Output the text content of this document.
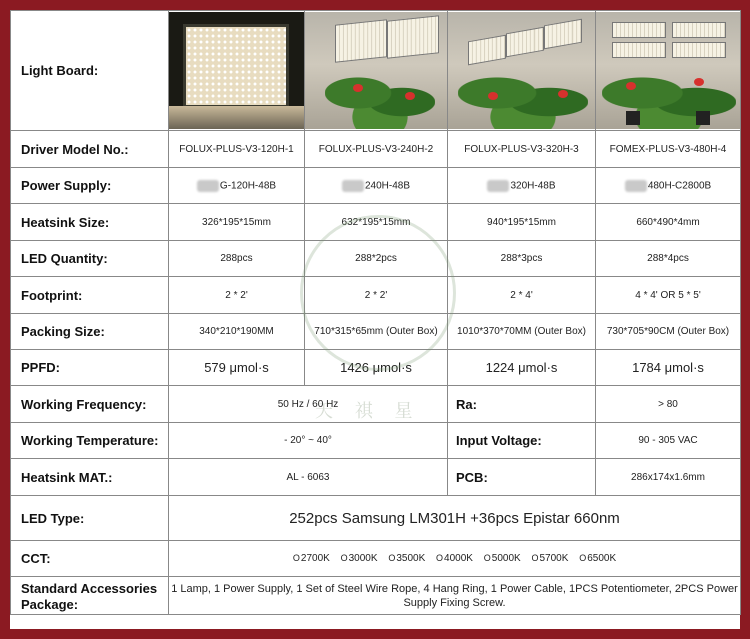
Light Board:	

Driver Model No.:	FOLUX-PLUS-V3-120H-1	FOLUX-PLUS-V3-240H-2	FOLUX-PLUS-V3-320H-3	FOMEX-PLUS-V3-480H-4
Power Supply:	G-120H-48B	240H-48B	320H-48B	480H-C2800B
Heatsink Size:	326*195*15mm	632*195*15mm	940*195*15mm	660*490*4mm
LED Quantity:	288pcs	288*2pcs	288*3pcs	288*4pcs
Footprint:	2 * 2'	2 * 2'	2 * 4'	4 * 4' OR 5 * 5'
Packing Size:	340*210*190MM	710*315*65mm (Outer Box)	1010*370*70MM (Outer Box)	730*705*90CM (Outer Box)
PPFD:	579 μmol·s	1426 μmol·s	1224 μmol·s	1784 μmol·s
Working Frequency:	50 Hz / 60 Hz		Ra:	> 80
Working Temperature:	- 20° ~ 40°		Input Voltage:	90 - 305 VAC
Heatsink MAT.:	AL - 6063		PCB:	286x174x1.6mm
LED Type:	252pcs Samsung LM301H +36pcs Epistar 660nm			
CCT:	O2700K O3000K O3500K O4000K O5000K O5700K O6500K			
Standard Accessories Package:	1 Lamp, 1 Power Supply, 1 Set of Steel Wire Rope, 4 Hang Ring, 1 Power Cable, 1PCS Potentiometer, 2PCS Power Supply Fixing Screw.			
天 祺 星
